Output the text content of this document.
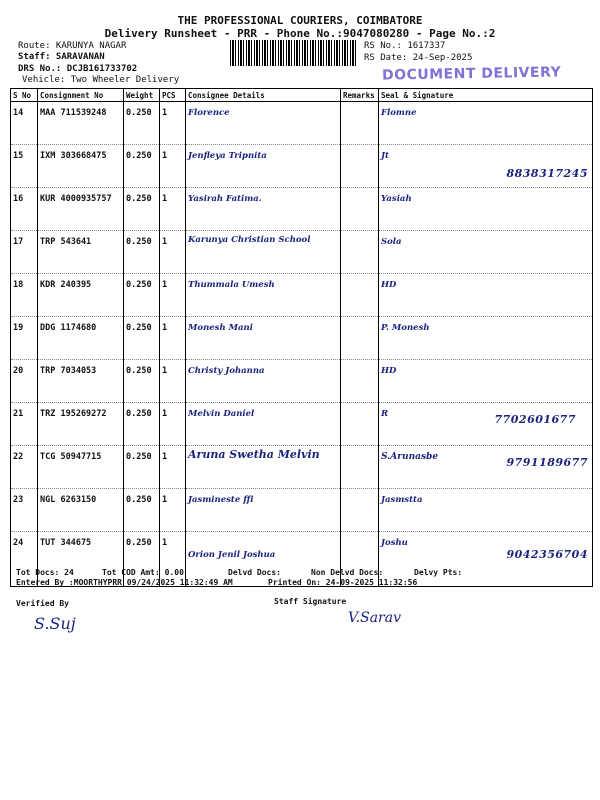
THE PROFESSIONAL COURIERS, COIMBATORE
Delivery Runsheet - PRR - Phone No.:9047080280 - Page No.:2
Route: KARUNYA NAGAR
Staff: SARAVANAN
DRS No.: DCJB161733702
Vehicle: Two Wheeler Delivery
RS No.: 1617337
RS Date: 24-Sep-2025
DOCUMENT DELIVERY
S No	Consignment No	Weight	PCS	Consignee Details	Remarks	Seal & Signature
14	MAA 711539248	0.250	1	Florence		Flomne

15	IXM 303668475	0.250	1	Jenfleya Tripnita		Jt
8838317245

16	KUR 4000935757	0.250	1	Yasirah Fatima.		Yasiah

17	TRP 543641	0.250	1	Karunya Christian School		Sola

18	KDR 240395	0.250	1	Thummala Umesh		HD

19	DDG 1174680	0.250	1	Monesh Mani		P. Monesh

20	TRP 7034053	0.250	1	Christy Johanna		HD

21	TRZ 195269272	0.250	1	Melvin Daniel		R 7702601677

22	TCG 50947715	0.250	1	Aruna Swetha Melvin		S.Arunasbe 9791189677

23	NGL 6263150	0.250	1	Jasmineste ffi		Jasmstta

24	TUT 344675	0.250	1	Orion Jenil Joshua		Joshu
9042356704
Tot Docs: 24	Tot COD Amt: 0.00	Delvd Docs:	Non Delvd Docs:	Delvy Pts:
Entered By :MOORTHYPRR 09/24/2025 11:32:49 AM	Printed On: 24-09-2025 11:32:56
Verified By	Staff Signature
S.Suj	V.Sarav
